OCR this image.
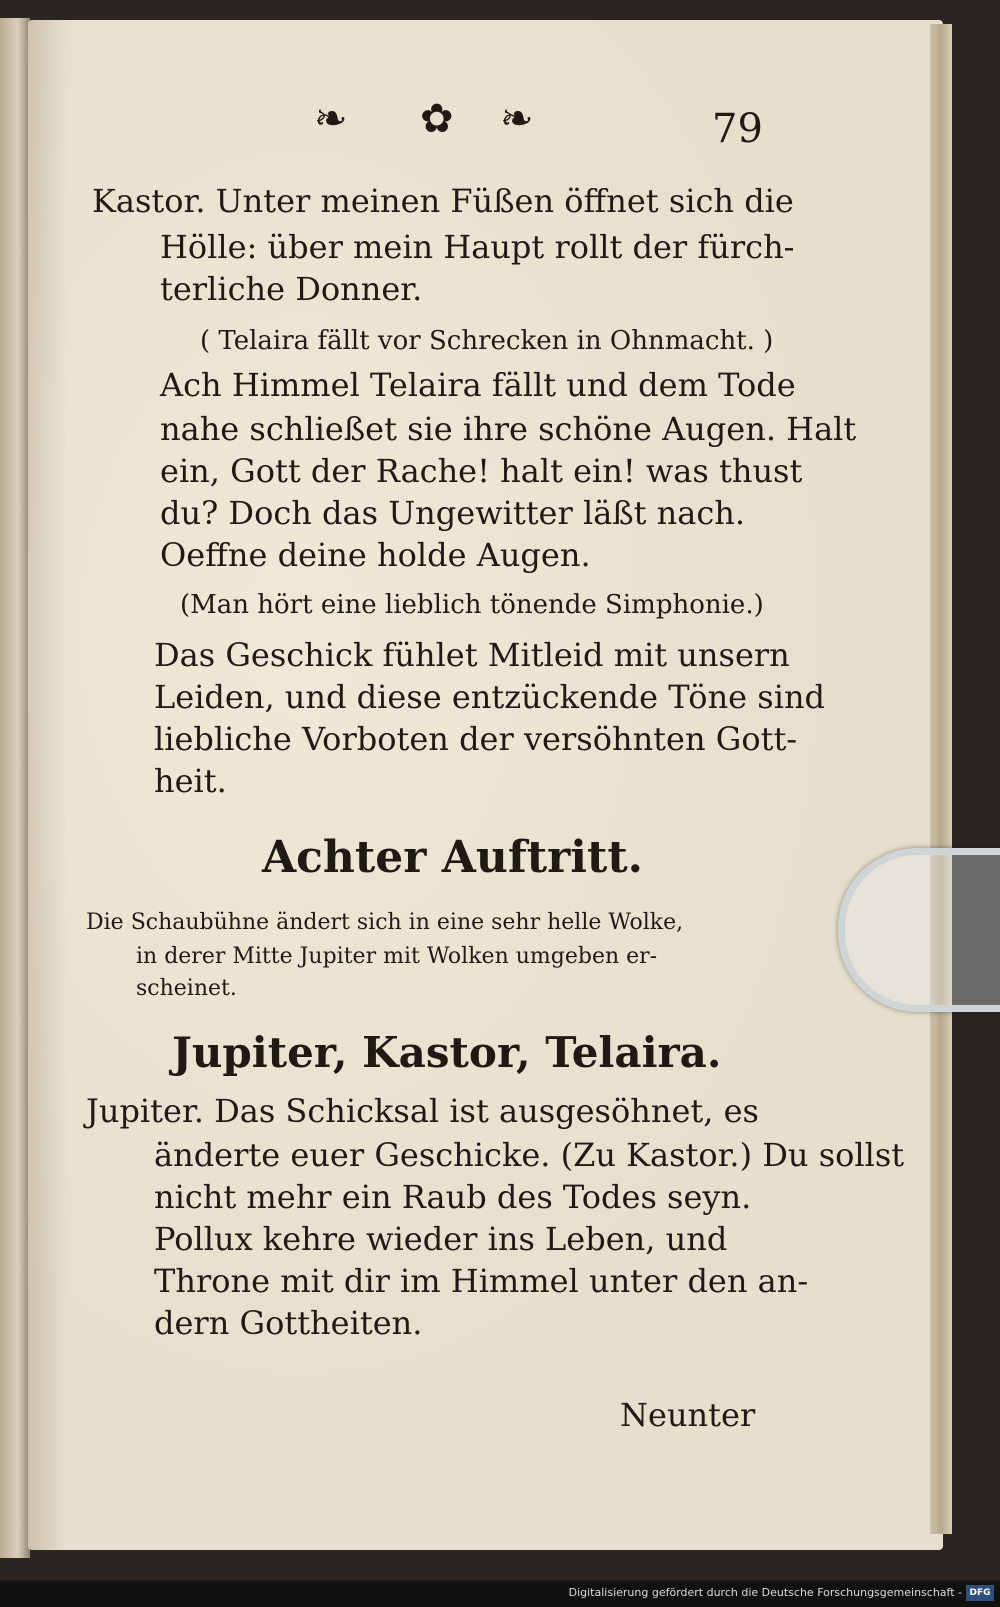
❧ ✿ ❧	79
Kastor. Unter meinen Füßen öffnet sich die
Hölle: über mein Haupt rollt der fürch-
terliche Donner.
( Telaira fällt vor Schrecken in Ohnmacht. )
Ach Himmel Telaira fällt und dem Tode
nahe schließet sie ihre schöne Augen. Halt
ein, Gott der Rache! halt ein! was thust
du? Doch das Ungewitter läßt nach.
Oeffne deine holde Augen.
(Man hört eine lieblich tönende Simphonie.)
Das Geschick fühlet Mitleid mit unsern
Leiden, und diese entzückende Töne sind
liebliche Vorboten der versöhnten Gott-
heit.
Achter Auftritt.
Die Schaubühne ändert sich in eine sehr helle Wolke,
in derer Mitte Jupiter mit Wolken umgeben er-
scheinet.
Jupiter, Kastor, Telaira.
Jupiter. Das Schicksal ist ausgesöhnet, es
änderte euer Geschicke. (Zu Kastor.) Du sollst
nicht mehr ein Raub des Todes seyn.
Pollux kehre wieder ins Leben, und
Throne mit dir im Himmel unter den an-
dern Gottheiten.
Neunter
Digitalisierung gefördert durch die Deutsche Forschungsgemeinschaft - DFG
